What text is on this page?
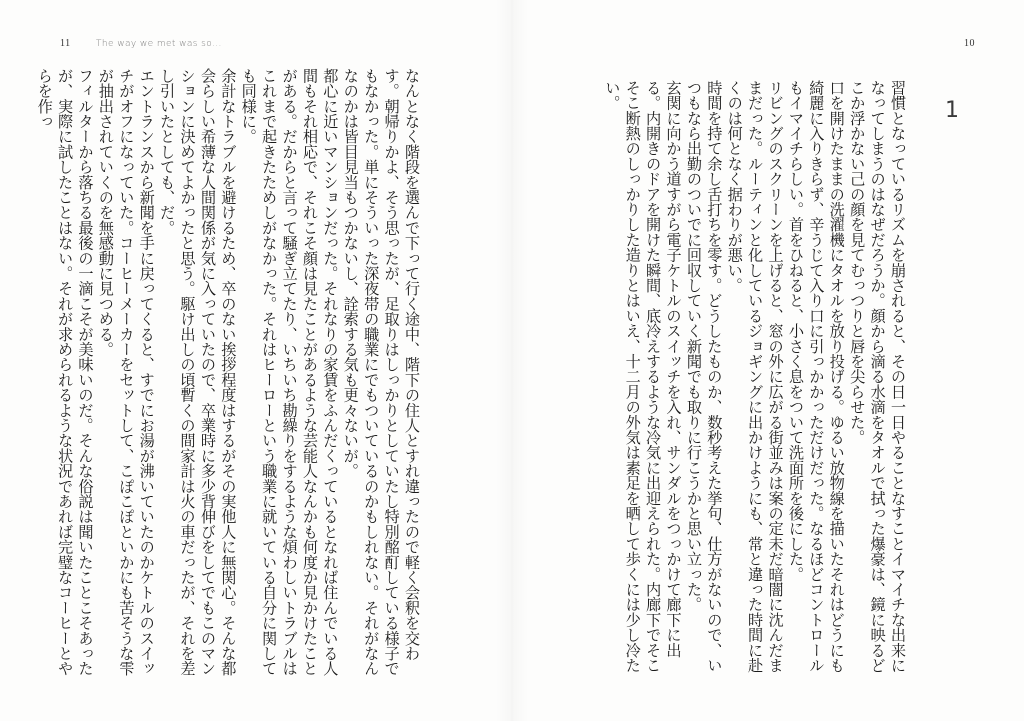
11	The way we met was so...	10
1

習慣となっているリズムを崩されると、その日一日やることなすことイマイチな出来になってしまうのはなぜだろうか。顔から滴る水滴をタオルで拭った爆豪は、鏡に映るどこか浮かない己の顔を見てむっつりと唇を尖らせた。

口を開けたままの洗濯機にタオルを放り投げる。ゆるい放物線を描いたそれはどうにも綺麗に入りきらず、辛うじて入り口に引っかかっただけだった。なるほどコントロールもイマイチらしい。首をひねると、小さく息をついて洗面所を後にした。

リビングのスクリーンを上げると、窓の外に広がる街並みは案の定未だ暗闇に沈んだままだった。ルーティンと化しているジョギングに出かけようにも、常と違った時間に赴くのは何となく据わりが悪い。

時間を持て余し舌打ちを零す。どうしたものか、数秒考えた挙句、仕方がないので、いつもなら出勤のついでに回収していく新聞でも取りに行こうかと思い立った。

玄関に向かう道すがら電子ケトルのスイッチを入れ、サンダルをつっかけて廊下に出る。内開きのドアを開けた瞬間、底冷えするような冷気に出迎えられた。内廊下でそこそこ断熱のしっかりした造りとはいえ、十二月の外気は素足を晒して歩くには少し冷たい。

なんとなく階段を選んで下って行く途中、階下の住人とすれ違ったので軽く会釈を交わす。朝帰りかよ、そう思ったが、足取りはしっかりとしていたし特別酩酊している様子でもなかった。単にそういった深夜帯の職業にでもついているのかもしれない。それがなんなのかは皆目見当もつかないし、詮索する気も更々ないが。

都心に近いマンションだった。それなりの家賃をふんだくっているとなれば住んでいる人間もそれ相応で、それこそ顔は見たことがあるような芸能人なんかも何度か見かけたことがある。だからと言って騒ぎ立てたり、いちいち勘繰りをするような煩わしいトラブルはこれまで起きたためしがなかった。それはヒーローという職業に就いている自分に関しても同様に。

余計なトラブルを避けるため、卒のない挨拶程度はするがその実他人に無関心。そんな都会らしい希薄な人間関係が気に入っていたので、卒業時に多少背伸びをしてでもこのマンションに決めてよかったと思う。駆け出しの頃暫くの間家計は火の車だったが、それを差し引いたとしても、だ。

エントランスから新聞を手に戻ってくると、すでにお湯が沸いていたのかケトルのスイッチがオフになっていた。コーヒーメーカーをセットして、こぽこぽといかにも苦そうな雫が抽出されていくのを無感動に見つめる。

フィルターから落ちる最後の一滴こそが美味いのだ。そんな俗説は聞いたことこそあったが、実際に試したことはない。それが求められるような状況であれば完璧なコーヒーとやらを作っ
